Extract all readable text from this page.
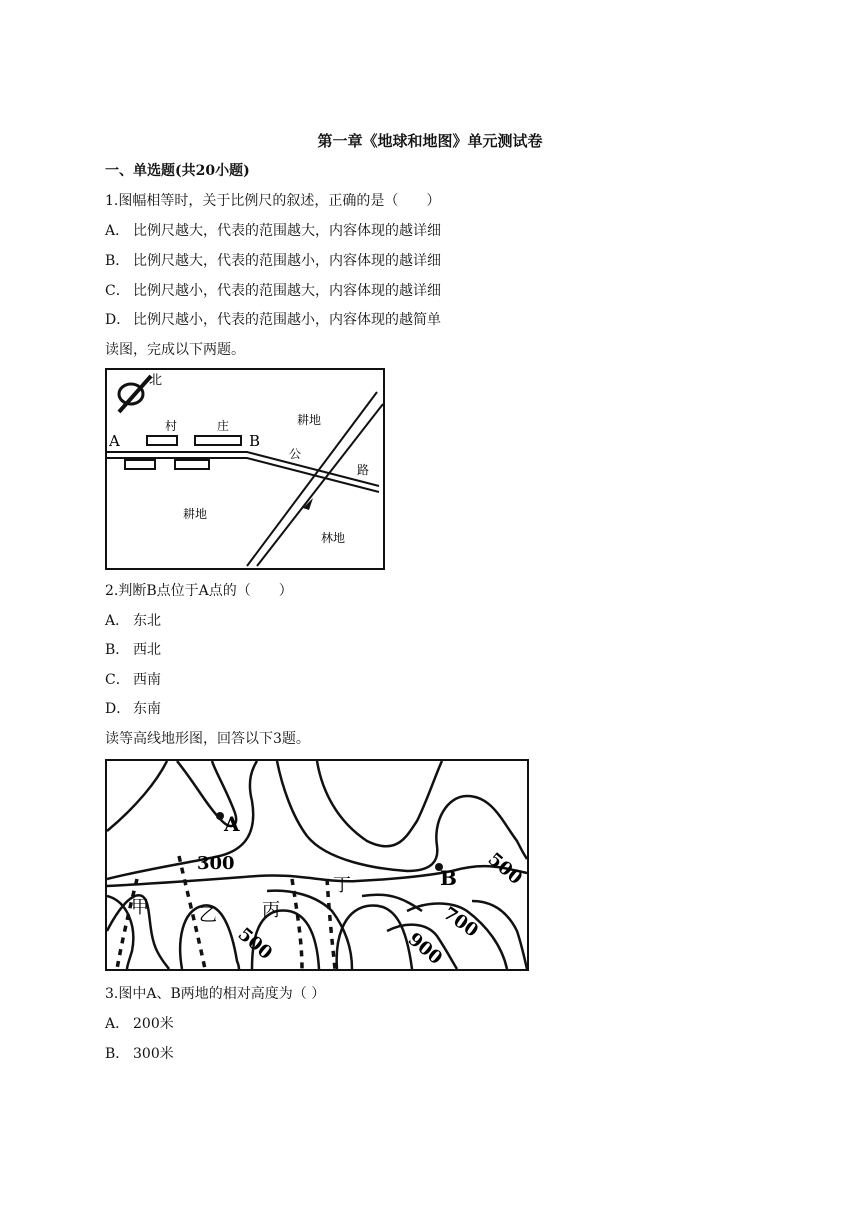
第一章《地球和地图》单元测试卷
一、单选题(共20小题)
1.图幅相等时，关于比例尺的叙述，正确的是（　　）
A． 比例尺越大，代表的范围越大，内容体现的越详细
B． 比例尺越大，代表的范围越小，内容体现的越详细
C． 比例尺越小，代表的范围越大，内容体现的越详细
D． 比例尺越小，代表的范围越小，内容体现的越简单
读图，完成以下两题。
北
村	庄
A	B
耕地
公
路
耕地
林地
2.判断B点位于A点的（　　）
A． 东北
B． 西北
C． 西南
D． 东南
读等高线地形图，回答以下3题。
A
B
300
500
500
700
900
甲	乙	丙
丁
3.图中A、B两地的相对高度为（ ）
A． 200米
B． 300米
